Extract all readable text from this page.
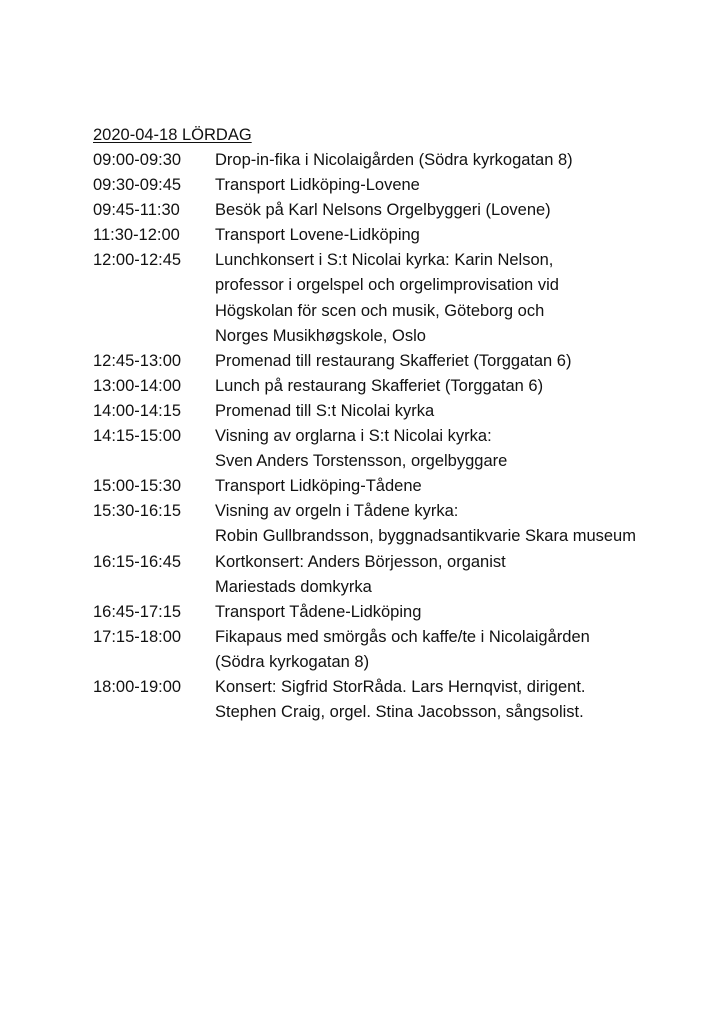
2020-04-18 LÖRDAG
09:00-09:30	Drop-in-fika i Nicolaigården (Södra kyrkogatan 8)
09:30-09:45	Transport Lidköping-Lovene
09:45-11:30	Besök på Karl Nelsons Orgelbyggeri (Lovene)
11:30-12:00	Transport Lovene-Lidköping
12:00-12:45	Lunchkonsert i S:t Nicolai kyrka: Karin Nelson,
professor i orgelspel och orgelimprovisation vid
Högskolan för scen och musik, Göteborg och
Norges Musikhøgskole, Oslo
12:45-13:00	Promenad till restaurang Skafferiet (Torggatan 6)
13:00-14:00	Lunch på restaurang Skafferiet (Torggatan 6)
14:00-14:15	Promenad till S:t Nicolai kyrka
14:15-15:00	Visning av orglarna i S:t Nicolai kyrka:
Sven Anders Torstensson, orgelbyggare
15:00-15:30	Transport Lidköping-Tådene
15:30-16:15	Visning av orgeln i Tådene kyrka:
Robin Gullbrandsson, byggnadsantikvarie Skara museum
16:15-16:45	Kortkonsert: Anders Börjesson, organist
Mariestads domkyrka
16:45-17:15	Transport Tådene-Lidköping
17:15-18:00	Fikapaus med smörgås och kaffe/te i Nicolaigården
(Södra kyrkogatan 8)
18:00-19:00	Konsert: Sigfrid StorRåda. Lars Hernqvist, dirigent.
Stephen Craig, orgel. Stina Jacobsson, sångsolist.
